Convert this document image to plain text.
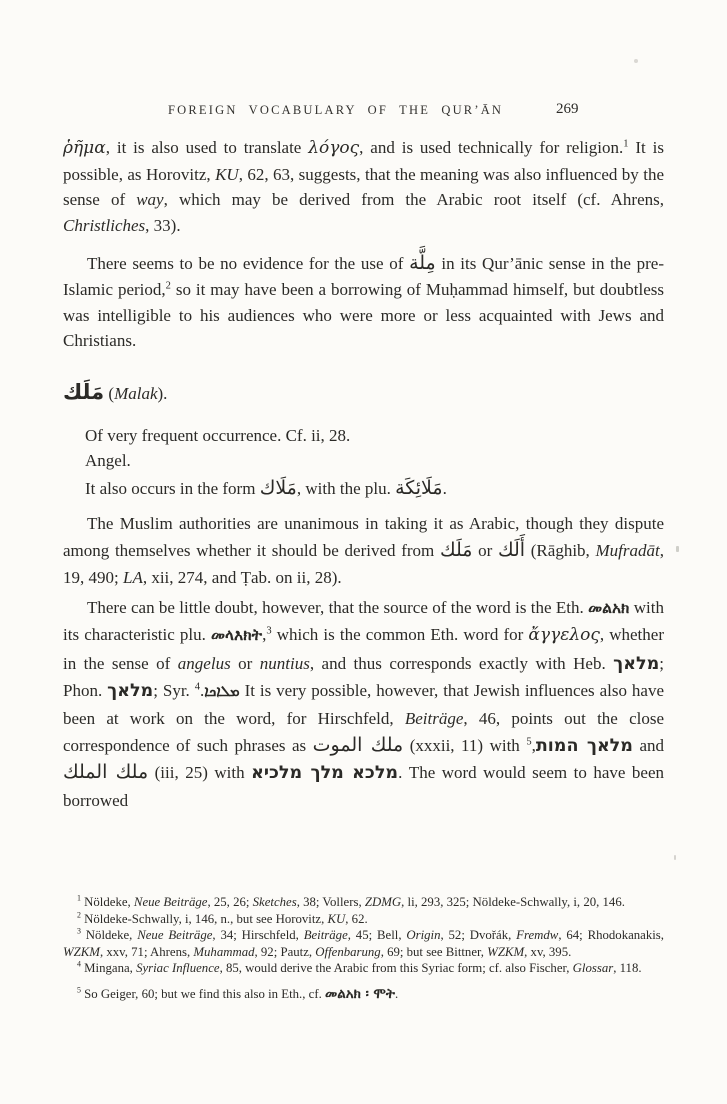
FOREIGN VOCABULARY OF THE QUR’ĀN	269

ῥῆμα, it is also used to translate λόγος, and is used technically for religion.$^1$ It is possible, as Horovitz, KU, 62, 63, suggests, that the meaning was also influenced by the sense of way, which may be derived from the Arabic root itself (cf. Ahrens, Christliches, 33).

There seems to be no evidence for the use of مِلَّة in its Qur’ānic sense in the pre-Islamic period,$^2$ so it may have been a borrowing of Muḥammad himself, but doubtless was intelligible to his audiences who were more or less acquainted with Jews and Christians.

مَلَك (Malak).

Of very frequent occurrence. Cf. ii, 28.

Angel.

It also occurs in the form مَلَاك, with the plu. مَلَائِكَة.

The Muslim authorities are unanimous in taking it as Arabic, though they dispute among themselves whether it should be derived from مَلَك or أَلَك (Rāghib, Mufradāt, 19, 490; LA, xii, 274, and Ṭab. on ii, 28).

There can be little doubt, however, that the source of the word is the Eth. መልአክ with its characteristic plu. መላእክት,$^3$ which is the common Eth. word for ἄγγελος, whether in the sense of angelus or nuntius, and thus corresponds exactly with Heb. מלאך; Phon. מלאך; Syr. ܡܠܐܟܐ.$^4$ It is very possible, however, that Jewish influences also have been at work on the word, for Hirschfeld, Beiträge, 46, points out the close correspondence of such phrases as ملك الموت (xxxii, 11) with מלאך המות,$^5$	and ملك الملك (iii, 25) with מלכא מלך מלכיא. The word would seem to have been borrowed

$^1$ Nöldeke, Neue Beiträge, 25, 26; Sketches, 38; Vollers, ZDMG, li, 293, 325; Nöldeke-Schwally, i, 20, 146.

$^2$ Nöldeke-Schwally, i, 146, n., but see Horovitz, KU, 62.

$^3$ Nöldeke, Neue Beiträge, 34; Hirschfeld, Beiträge, 45; Bell, Origin, 52; Dvořák, Fremdw, 64; Rhodokanakis, WZKM, xxv, 71; Ahrens, Muhammad, 92; Pautz, Offenbarung, 69; but see Bittner, WZKM, xv, 395.

$^4$ Mingana, Syriac Influence, 85, would derive the Arabic from this Syriac form; cf. also Fischer, Glossar, 118.

$^5$ So Geiger, 60; but we find this also in Eth., cf. መልአክ ፡ ሞት.
